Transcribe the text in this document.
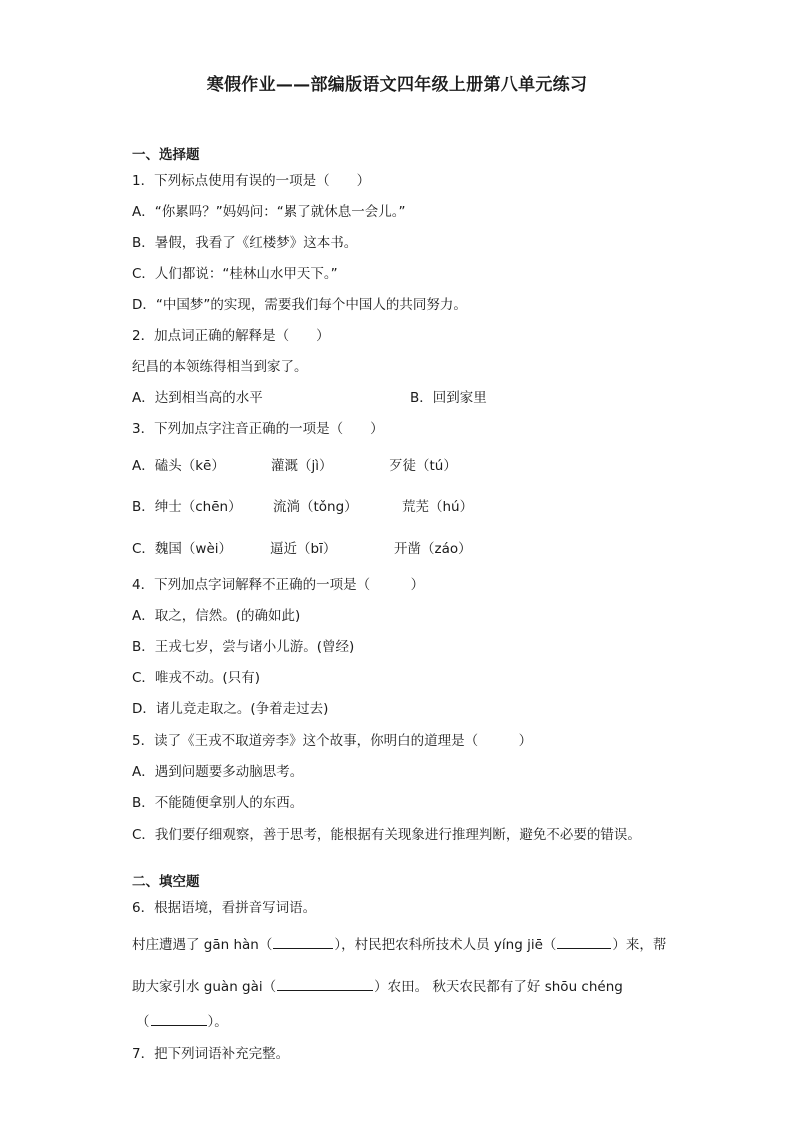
寒假作业——部编版语文四年级上册第八单元练习
一、选择题
1．下列标点使用有误的一项是（　　）
A．“你累吗？”妈妈问：“累了就休息一会儿。”
B．暑假，我看了《红楼梦》这本书。
C．人们都说：“桂林山水甲天下。”
D．“中国梦”的实现，需要我们每个中国人的共同努力。
2．加点词正确的解释是（　　）
纪昌的本领练得相当到家了。
A．达到相当高的水平	B．回到家里
3．下列加点字注音正确的一项是（　　）
A．磕头（kē）	灌溉（jì）	歹徒（tú）
B．绅士（chēn） 流淌（tǒng）	荒芜（hú）
C．魏国（wèi）	逼近（bī）	开凿（záo）
4．下列加点字词解释不正确的一项是（　　　）
A．取之，信然。(的确如此)
B．王戎七岁，尝与诸小儿游。(曾经)
C．唯戎不动。(只有)
D．诸儿竞走取之。(争着走过去)
5．读了《王戎不取道旁李》这个故事，你明白的道理是（　　　）
A．遇到问题要多动脑思考。
B．不能随便拿别人的东西。
C．我们要仔细观察，善于思考，能根据有关现象进行推理判断，避免不必要的错误。
二、填空题
6．根据语境，看拼音写词语。
村庄遭遇了 gān hàn（	），村民把农科所技术人员 yíng jiē（	）来，帮
助大家引水 guàn gài（	）农田。 秋天农民都有了好 shōu chéng
（	）。
7．把下列词语补充完整。
